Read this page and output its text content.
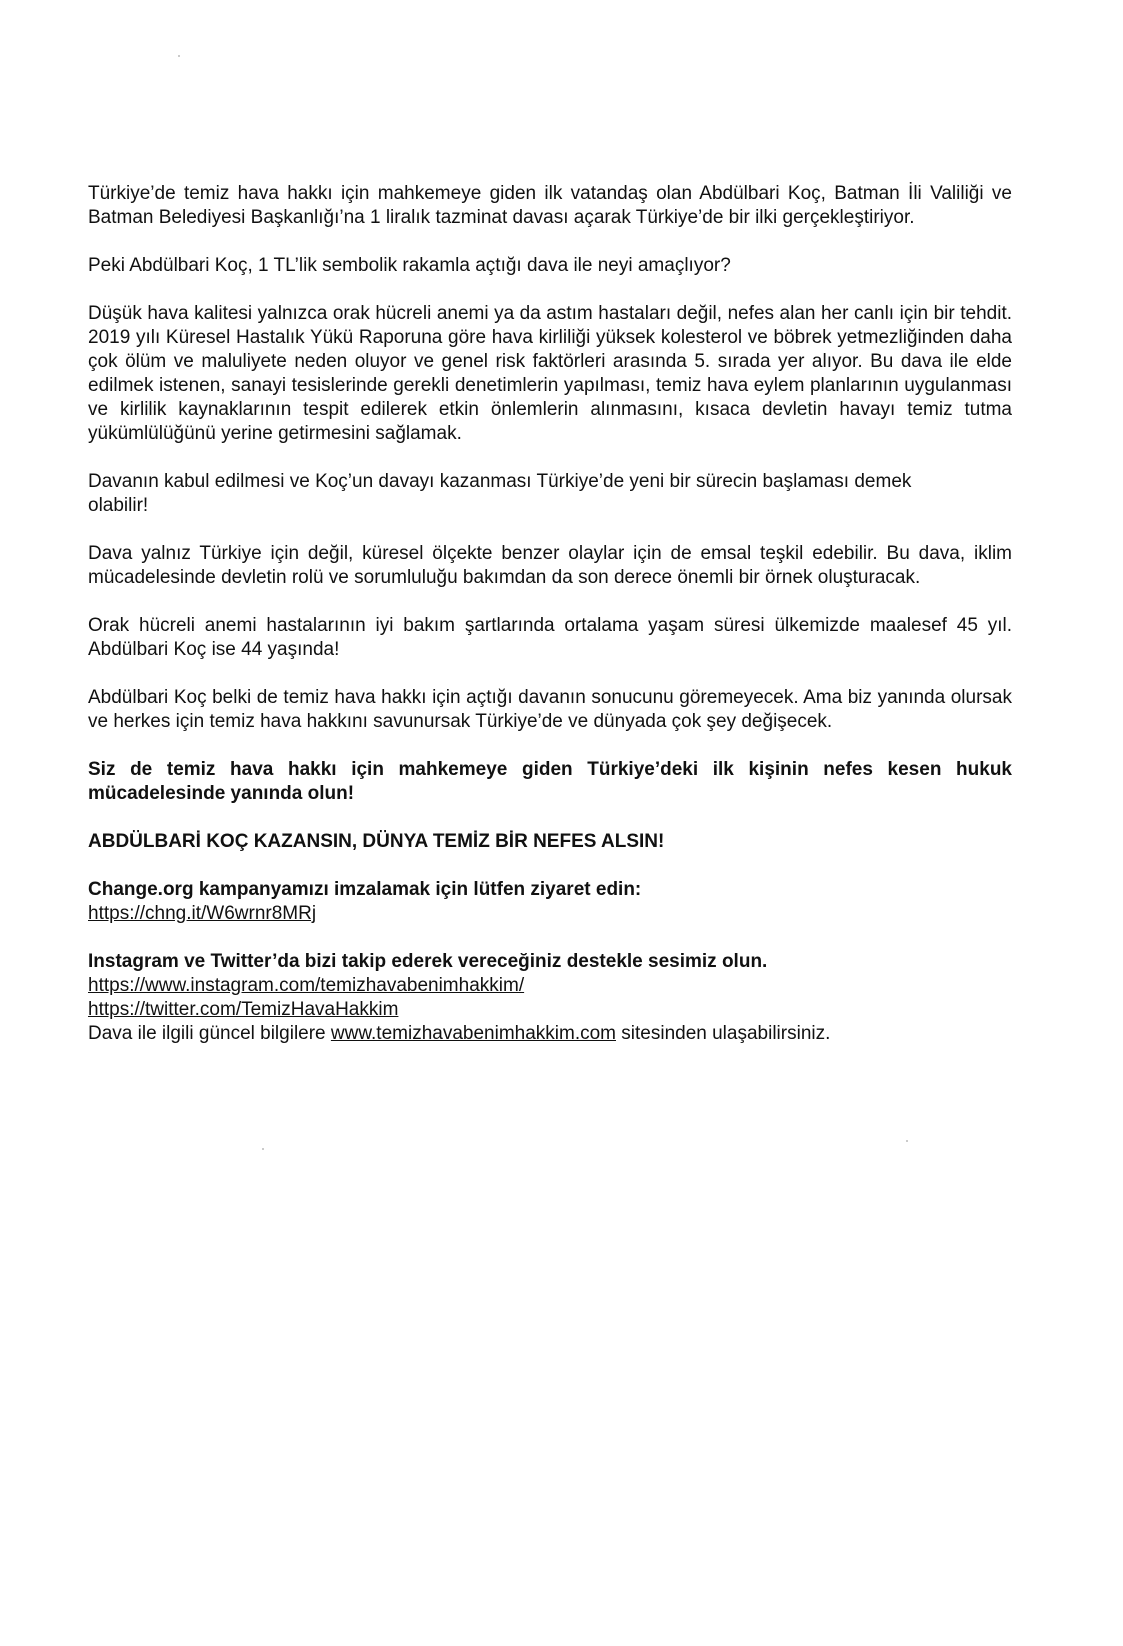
Türkiye’de temiz hava hakkı için mahkemeye giden ilk vatandaş olan Abdülbari Koç, Batman İli Valiliği ve Batman Belediyesi Başkanlığı’na 1 liralık tazminat davası açarak Türkiye’de bir ilki gerçekleştiriyor.

Peki Abdülbari Koç, 1 TL’lik sembolik rakamla açtığı dava ile neyi amaçlıyor?

Düşük hava kalitesi yalnızca orak hücreli anemi ya da astım hastaları değil, nefes alan her canlı için bir tehdit. 2019 yılı Küresel Hastalık Yükü Raporuna göre hava kirliliği yüksek kolesterol ve böbrek yetmezliğinden daha çok ölüm ve maluliyete neden oluyor ve genel risk faktörleri arasında 5. sırada yer alıyor. Bu dava ile elde edilmek istenen, sanayi tesislerinde gerekli denetimlerin yapılması, temiz hava eylem planlarının uygulanması ve kirlilik kaynaklarının tespit edilerek etkin önlemlerin alınmasını, kısaca devletin havayı temiz tutma yükümlülüğünü yerine getirmesini sağlamak.

Davanın kabul edilmesi ve Koç’un davayı kazanması Türkiye’de yeni bir sürecin başlaması demek olabilir!

Dava yalnız Türkiye için değil, küresel ölçekte benzer olaylar için de emsal teşkil edebilir. Bu dava, iklim mücadelesinde devletin rolü ve sorumluluğu bakımdan da son derece önemli bir örnek oluşturacak.

Orak hücreli anemi hastalarının iyi bakım şartlarında ortalama yaşam süresi ülkemizde maalesef 45 yıl. Abdülbari Koç ise 44 yaşında!

Abdülbari Koç belki de temiz hava hakkı için açtığı davanın sonucunu göremeyecek. Ama biz yanında olursak ve herkes için temiz hava hakkını savunursak Türkiye’de ve dünyada çok şey değişecek.

Siz de temiz hava hakkı için mahkemeye giden Türkiye’deki ilk kişinin nefes kesen hukuk mücadelesinde yanında olun!

ABDÜLBARİ KOÇ KAZANSIN, DÜNYA TEMİZ BİR NEFES ALSIN!

Change.org kampanyamızı imzalamak için lütfen ziyaret edin:
https://chng.it/W6wrnr8MRj
Instagram ve Twitter’da bizi takip ederek vereceğiniz destekle sesimiz olun.
https://www.instagram.com/temizhavabenimhakkim/
https://twitter.com/TemizHavaHakkim
Dava ile ilgili güncel bilgilere www.temizhavabenimhakkim.com sitesinden ulaşabilirsiniz.
